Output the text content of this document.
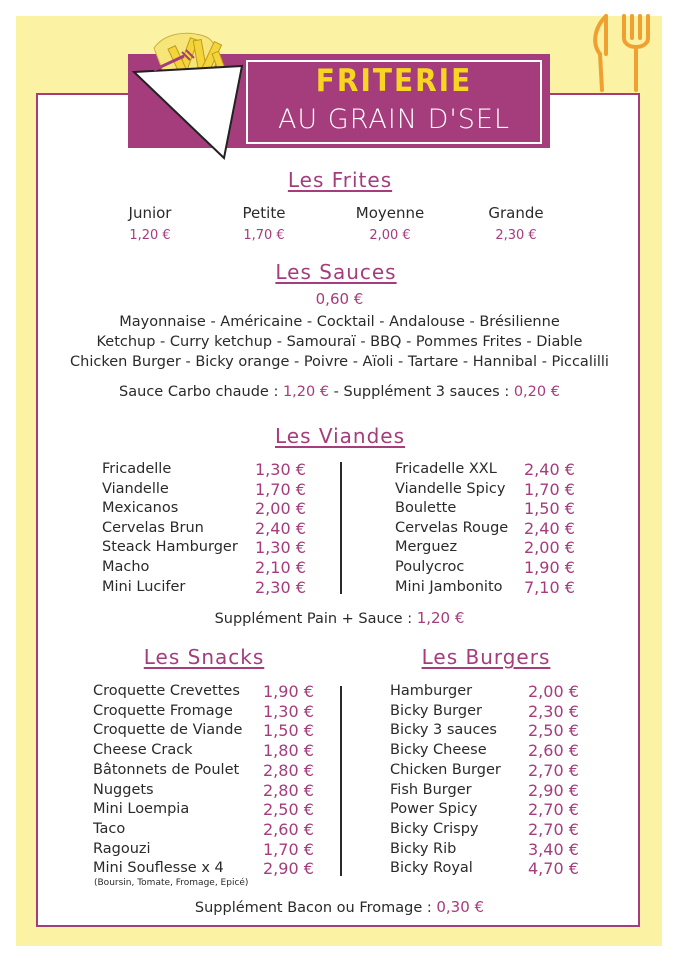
FRITERIE
AU GRAIN D'SEL
Les Frites
Junior
1,20 €
Petite
1,70 €
Moyenne
2,00 €
Grande
2,30 €
Les Sauces
0,60 €
Mayonnaise - Américaine - Cocktail - Andalouse - Brésilienne
Ketchup - Curry ketchup - Samouraï - BBQ - Pommes Frites - Diable
Chicken Burger - Bicky orange - Poivre - Aïoli - Tartare - Hannibal - Piccalilli
Sauce Carbo chaude : 1,20 € - Supplément 3 sauces : 0,20 €
Les Viandes
Fricadelle	1,30 €
Viandelle	1,70 €
Mexicanos	2,00 €
Cervelas Brun	2,40 €
Steack Hamburger 1,30 €
Macho	2,10 €
Mini Lucifer	2,30 €
Fricadelle XXL 2,40 €
Viandelle Spicy 1,70 €
Boulette	1,50 €
Cervelas Rouge 2,40 €
Merguez	2,00 €
Poulycroc	1,90 €
Mini Jambonito 7,10 €
Supplément Pain + Sauce : 1,20 €
Les Snacks	Les Burgers
Croquette Crevettes 1,90 €
Croquette Fromage 1,30 €
Croquette de Viande 1,50 €
Cheese Crack	1,80 €
Bâtonnets de Poulet 2,80 €
Nuggets	2,80 €
Mini Loempia	2,50 €
Taco	2,60 €
Ragouzi	1,70 €
Mini Souflesse x 4 2,90 €
Hamburger	2,00 €
Bicky Burger	2,30 €
Bicky 3 sauces 2,50 €
Bicky Cheese	2,60 €
Chicken Burger 2,70 €
Fish Burger	2,90 €
Power Spicy	2,70 €
Bicky Crispy	2,70 €
Bicky Rib	3,40 €
Bicky Royal	4,70 €
(Boursin, Tomate, Fromage, Epicé)
Supplément Bacon ou Fromage : 0,30 €
